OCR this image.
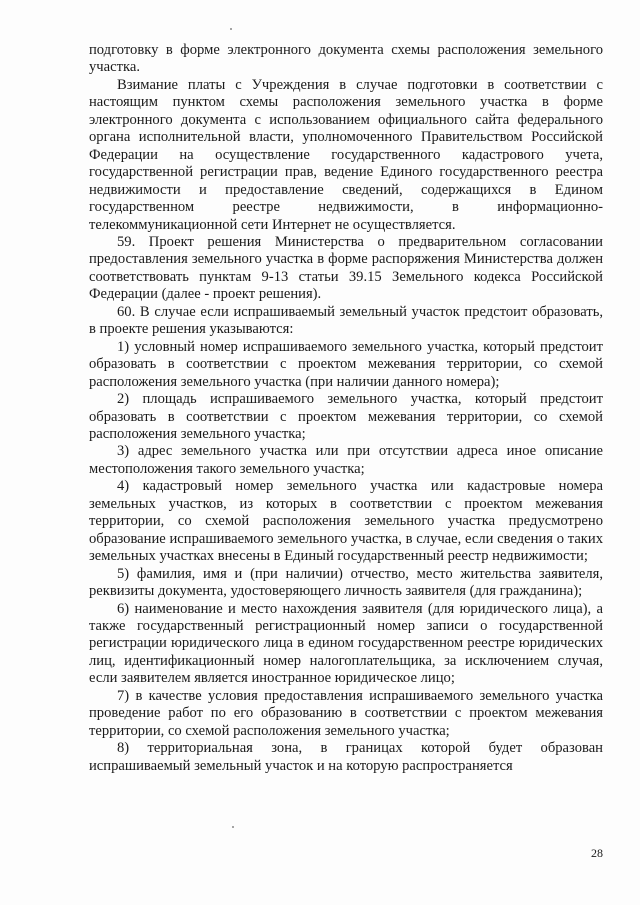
подготовку в форме электронного документа схемы расположения земельного участка.

Взимание платы с Учреждения в случае подготовки в соответствии с настоящим пунктом схемы расположения земельного участка в форме электронного документа с использованием официального сайта федерального органа исполнительной власти, уполномоченного Правительством Российской Федерации на осуществление государственного кадастрового учета, государственной регистрации прав, ведение Единого государственного реестра недвижимости и предоставление сведений, содержащихся в Едином государственном реестре недвижимости, в информационно-телекоммуникационной сети Интернет не осуществляется.

59. Проект решения Министерства о предварительном согласовании предоставления земельного участка в форме распоряжения Министерства должен соответствовать пунктам 9-13 статьи 39.15 Земельного кодекса Российской Федерации (далее - проект решения).

60. В случае если испрашиваемый земельный участок предстоит образовать, в проекте решения указываются:

1) условный номер испрашиваемого земельного участка, который предстоит образовать в соответствии с проектом межевания территории, со схемой расположения земельного участка (при наличии данного номера);

2) площадь испрашиваемого земельного участка, который предстоит образовать в соответствии с проектом межевания территории, со схемой расположения земельного участка;

3) адрес земельного участка или при отсутствии адреса иное описание местоположения такого земельного участка;

4) кадастровый номер земельного участка или кадастровые номера земельных участков, из которых в соответствии с проектом межевания территории, со схемой расположения земельного участка предусмотрено образование испрашиваемого земельного участка, в случае, если сведения о таких земельных участках внесены в Единый государственный реестр недвижимости;

5) фамилия, имя и (при наличии) отчество, место жительства заявителя, реквизиты документа, удостоверяющего личность заявителя (для гражданина);

6) наименование и место нахождения заявителя (для юридического лица), а также государственный регистрационный номер записи о государственной регистрации юридического лица в едином государственном реестре юридических лиц, идентификационный номер налогоплательщика, за исключением случая, если заявителем является иностранное юридическое лицо;

7) в качестве условия предоставления испрашиваемого земельного участка проведение работ по его образованию в соответствии с проектом межевания территории, со схемой расположения земельного участка;

8) территориальная зона, в границах которой будет образован испрашиваемый земельный участок и на которую распространяется

28
